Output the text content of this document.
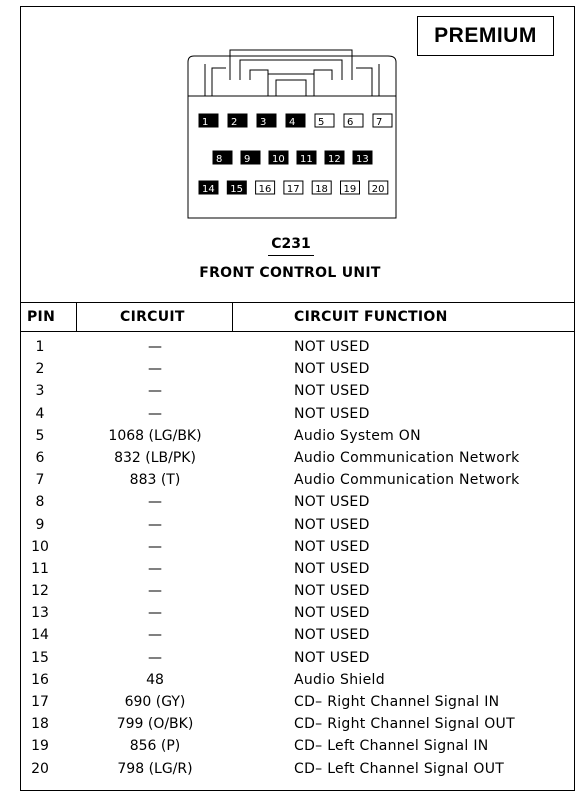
PREMIUM
1 2 3 4 5 6 7
8 9 10 11 12 13
14 15 16 17 18 19 20
C231
FRONT CONTROL UNIT
PIN	CIRCUIT	CIRCUIT FUNCTION
1	—	NOT USED
2	—	NOT USED
3	—	NOT USED
4	—	NOT USED
5	1068 (LG/BK)	Audio System ON
6	832 (LB/PK)	Audio Communication Network
7	883 (T)	Audio Communication Network
8	—	NOT USED
9	—	NOT USED
10	—	NOT USED
11	—	NOT USED
12	—	NOT USED
13	—	NOT USED
14	—	NOT USED
15	—	NOT USED
16	48	Audio Shield
17	690 (GY)	CD– Right Channel Signal IN
18	799 (O/BK)	CD– Right Channel Signal OUT
19	856 (P)	CD– Left Channel Signal IN
20	798 (LG/R)	CD– Left Channel Signal OUT
